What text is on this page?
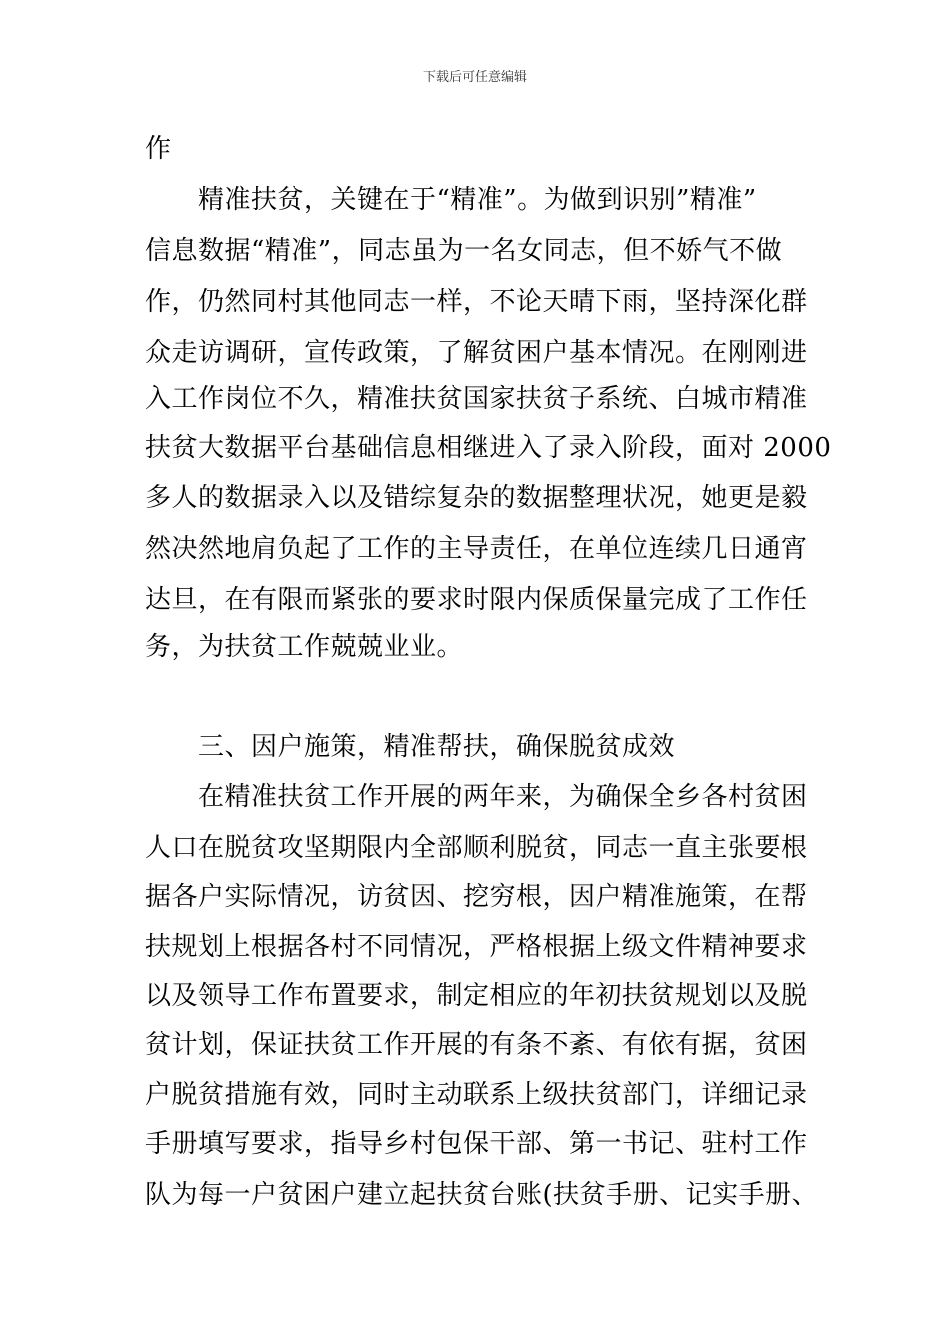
下载后可任意编辑
作
精准扶贫，关键在于“精准”。为做到识别”精准”
信息数据“精准”，同志虽为一名女同志，但不娇气不做
作，仍然同村其他同志一样，不论天晴下雨，坚持深化群
众走访调研，宣传政策，了解贫困户基本情况。在刚刚进
入工作岗位不久，精准扶贫国家扶贫子系统、白城市精准
扶贫大数据平台基础信息相继进入了录入阶段，面对 2000
多人的数据录入以及错综复杂的数据整理状况，她更是毅
然决然地肩负起了工作的主导责任，在单位连续几日通宵
达旦，在有限而紧张的要求时限内保质保量完成了工作任
务，为扶贫工作兢兢业业。
三、因户施策，精准帮扶，确保脱贫成效
在精准扶贫工作开展的两年来，为确保全乡各村贫困
人口在脱贫攻坚期限内全部顺利脱贫，同志一直主张要根
据各户实际情况，访贫因、挖穷根，因户精准施策，在帮
扶规划上根据各村不同情况，严格根据上级文件精神要求
以及领导工作布置要求，制定相应的年初扶贫规划以及脱
贫计划，保证扶贫工作开展的有条不紊、有依有据，贫困
户脱贫措施有效，同时主动联系上级扶贫部门，详细记录
手册填写要求，指导乡村包保干部、第一书记、驻村工作
队为每一户贫困户建立起扶贫台账(扶贫手册、记实手册、
